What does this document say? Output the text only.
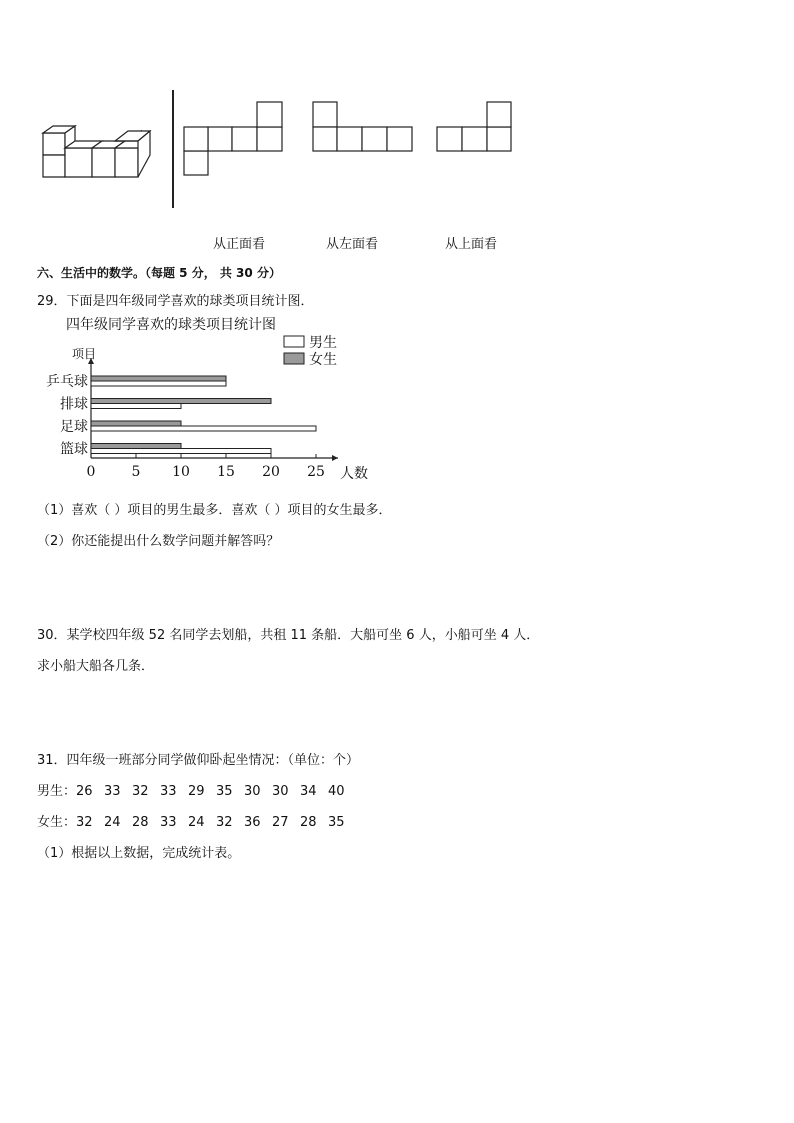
从正面看	从左面看	从上面看
六、生活中的数学。（每题 5 分， 共 30 分）
29．下面是四年级同学喜欢的球类项目统计图．
四年级同学喜欢的球类项目统计图
男生
女生
0	5 10 15 20 25 人数
项目
乒乓球
排球
足球
篮球
（1）喜欢（ ）项目的男生最多．喜欢（ ）项目的女生最多．
（2）你还能提出什么数学问题并解答吗？
30．某学校四年级 52 名同学去划船，共租 11 条船．大船可坐 6 人，小船可坐 4 人．
求小船大船各几条．
31．四年级一班部分同学做仰卧起坐情况：（单位：个）
男生：26 33 32 33 29 35 30 30 34 40
女生：32 24 28 33 24 32 36 27 28 35
（1）根据以上数据，完成统计表。
